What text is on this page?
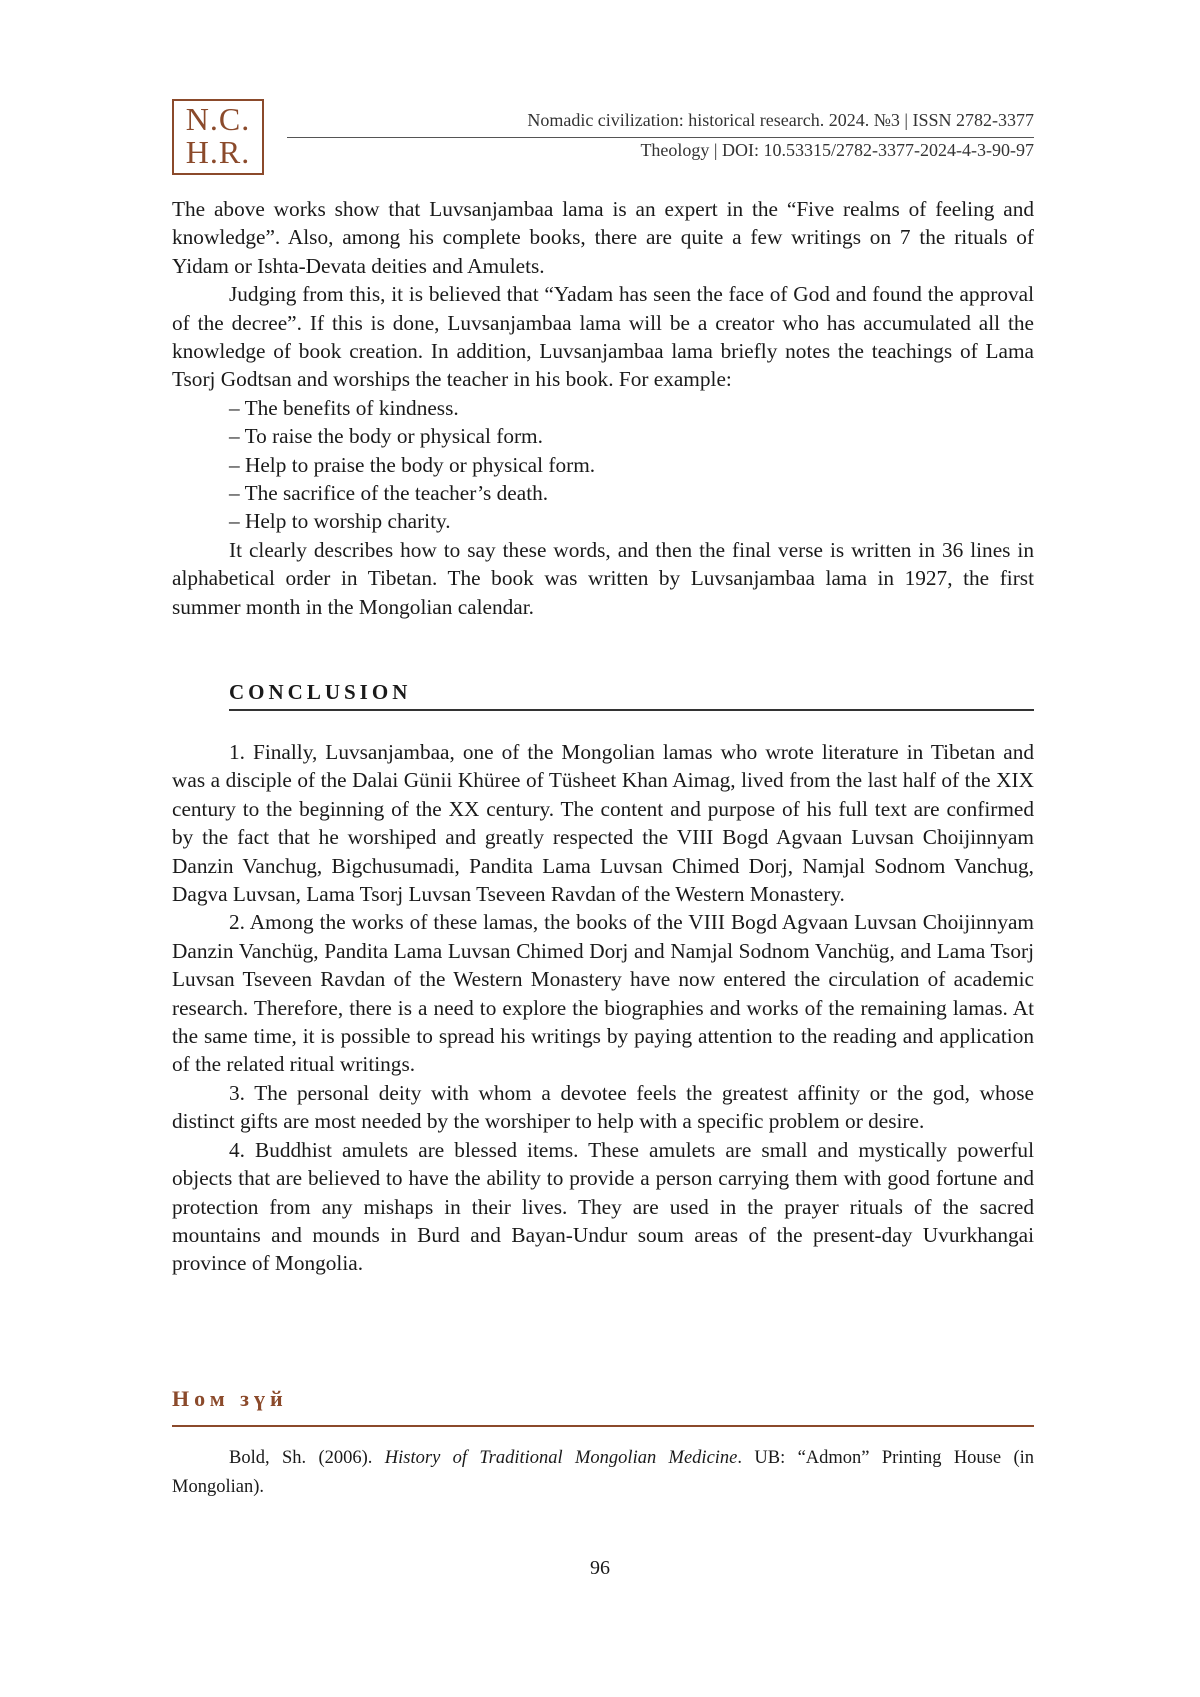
N.C.
H.R.
Nomadic civilization: historical research. 2024. №3 | ISSN 2782-3377
Theology | DOI: 10.53315/2782-3377-2024-4-3-90-97

The above works show that Luvsanjambaa lama is an expert in the “Five realms of feeling and knowledge”. Also, among his complete books, there are quite a few writings on 7 the rituals of Yidam or Ishta-Devata deities and Amulets.

Judging from this, it is believed that “Yadam has seen the face of God and found the approval of the decree”. If this is done, Luvsanjambaa lama will be a creator who has accumulated all the knowledge of book creation. In addition, Luvsanjambaa lama briefly notes the teachings of Lama Tsorj Godtsan and worships the teacher in his book. For example:

– The benefits of kindness.

– To raise the body or physical form.

– Help to praise the body or physical form.

– The sacrifice of the teacher’s death.

– Help to worship charity.

It clearly describes how to say these words, and then the final verse is written in 36 lines in alphabetical order in Tibetan. The book was written by Luvsanjambaa lama in 1927, the first summer month in the Mongolian calendar.

CONCLUSION

1. Finally, Luvsanjambaa, one of the Mongolian lamas who wrote literature in Tibetan and was a disciple of the Dalai Günii Khüree of Tüsheet Khan Aimag, lived from the last half of the XIX century to the beginning of the XX century. The content and purpose of his full text are confirmed by the fact that he worshiped and greatly respected the VIII Bogd Agvaan Luvsan Choijinnyam Danzin Vanchug, Bigchusumadi, Pandita Lama Luvsan Chimed Dorj, Namjal Sodnom Vanchug, Dagva Luvsan, Lama Tsorj Luvsan Tseveen Ravdan of the Western Monastery.

2. Among the works of these lamas, the books of the VIII Bogd Agvaan Luvsan Choijinnyam Danzin Vanchüg, Pandita Lama Luvsan Chimed Dorj and Namjal Sodnom Vanchüg, and Lama Tsorj Luvsan Tseveen Ravdan of the Western Monastery have now entered the circulation of academic research. Therefore, there is a need to explore the biographies and works of the remaining lamas. At the same time, it is possible to spread his writings by paying attention to the reading and application of the related ritual writings.

3. The personal deity with whom a devotee feels the greatest affinity or the god, whose distinct gifts are most needed by the worshiper to help with a specific problem or desire.

4. Buddhist amulets are blessed items. These amulets are small and mystically powerful objects that are believed to have the ability to provide a person carrying them with good fortune and protection from any mishaps in their lives. They are used in the prayer rituals of the sacred mountains and mounds in Burd and Bayan-Undur soum areas of the present-day Uvurkhangai province of Mongolia.

Ном зүй

Bold, Sh. (2006). History of Traditional Mongolian Medicine. UB: “Admon” Printing House (in Mongolian).

96
